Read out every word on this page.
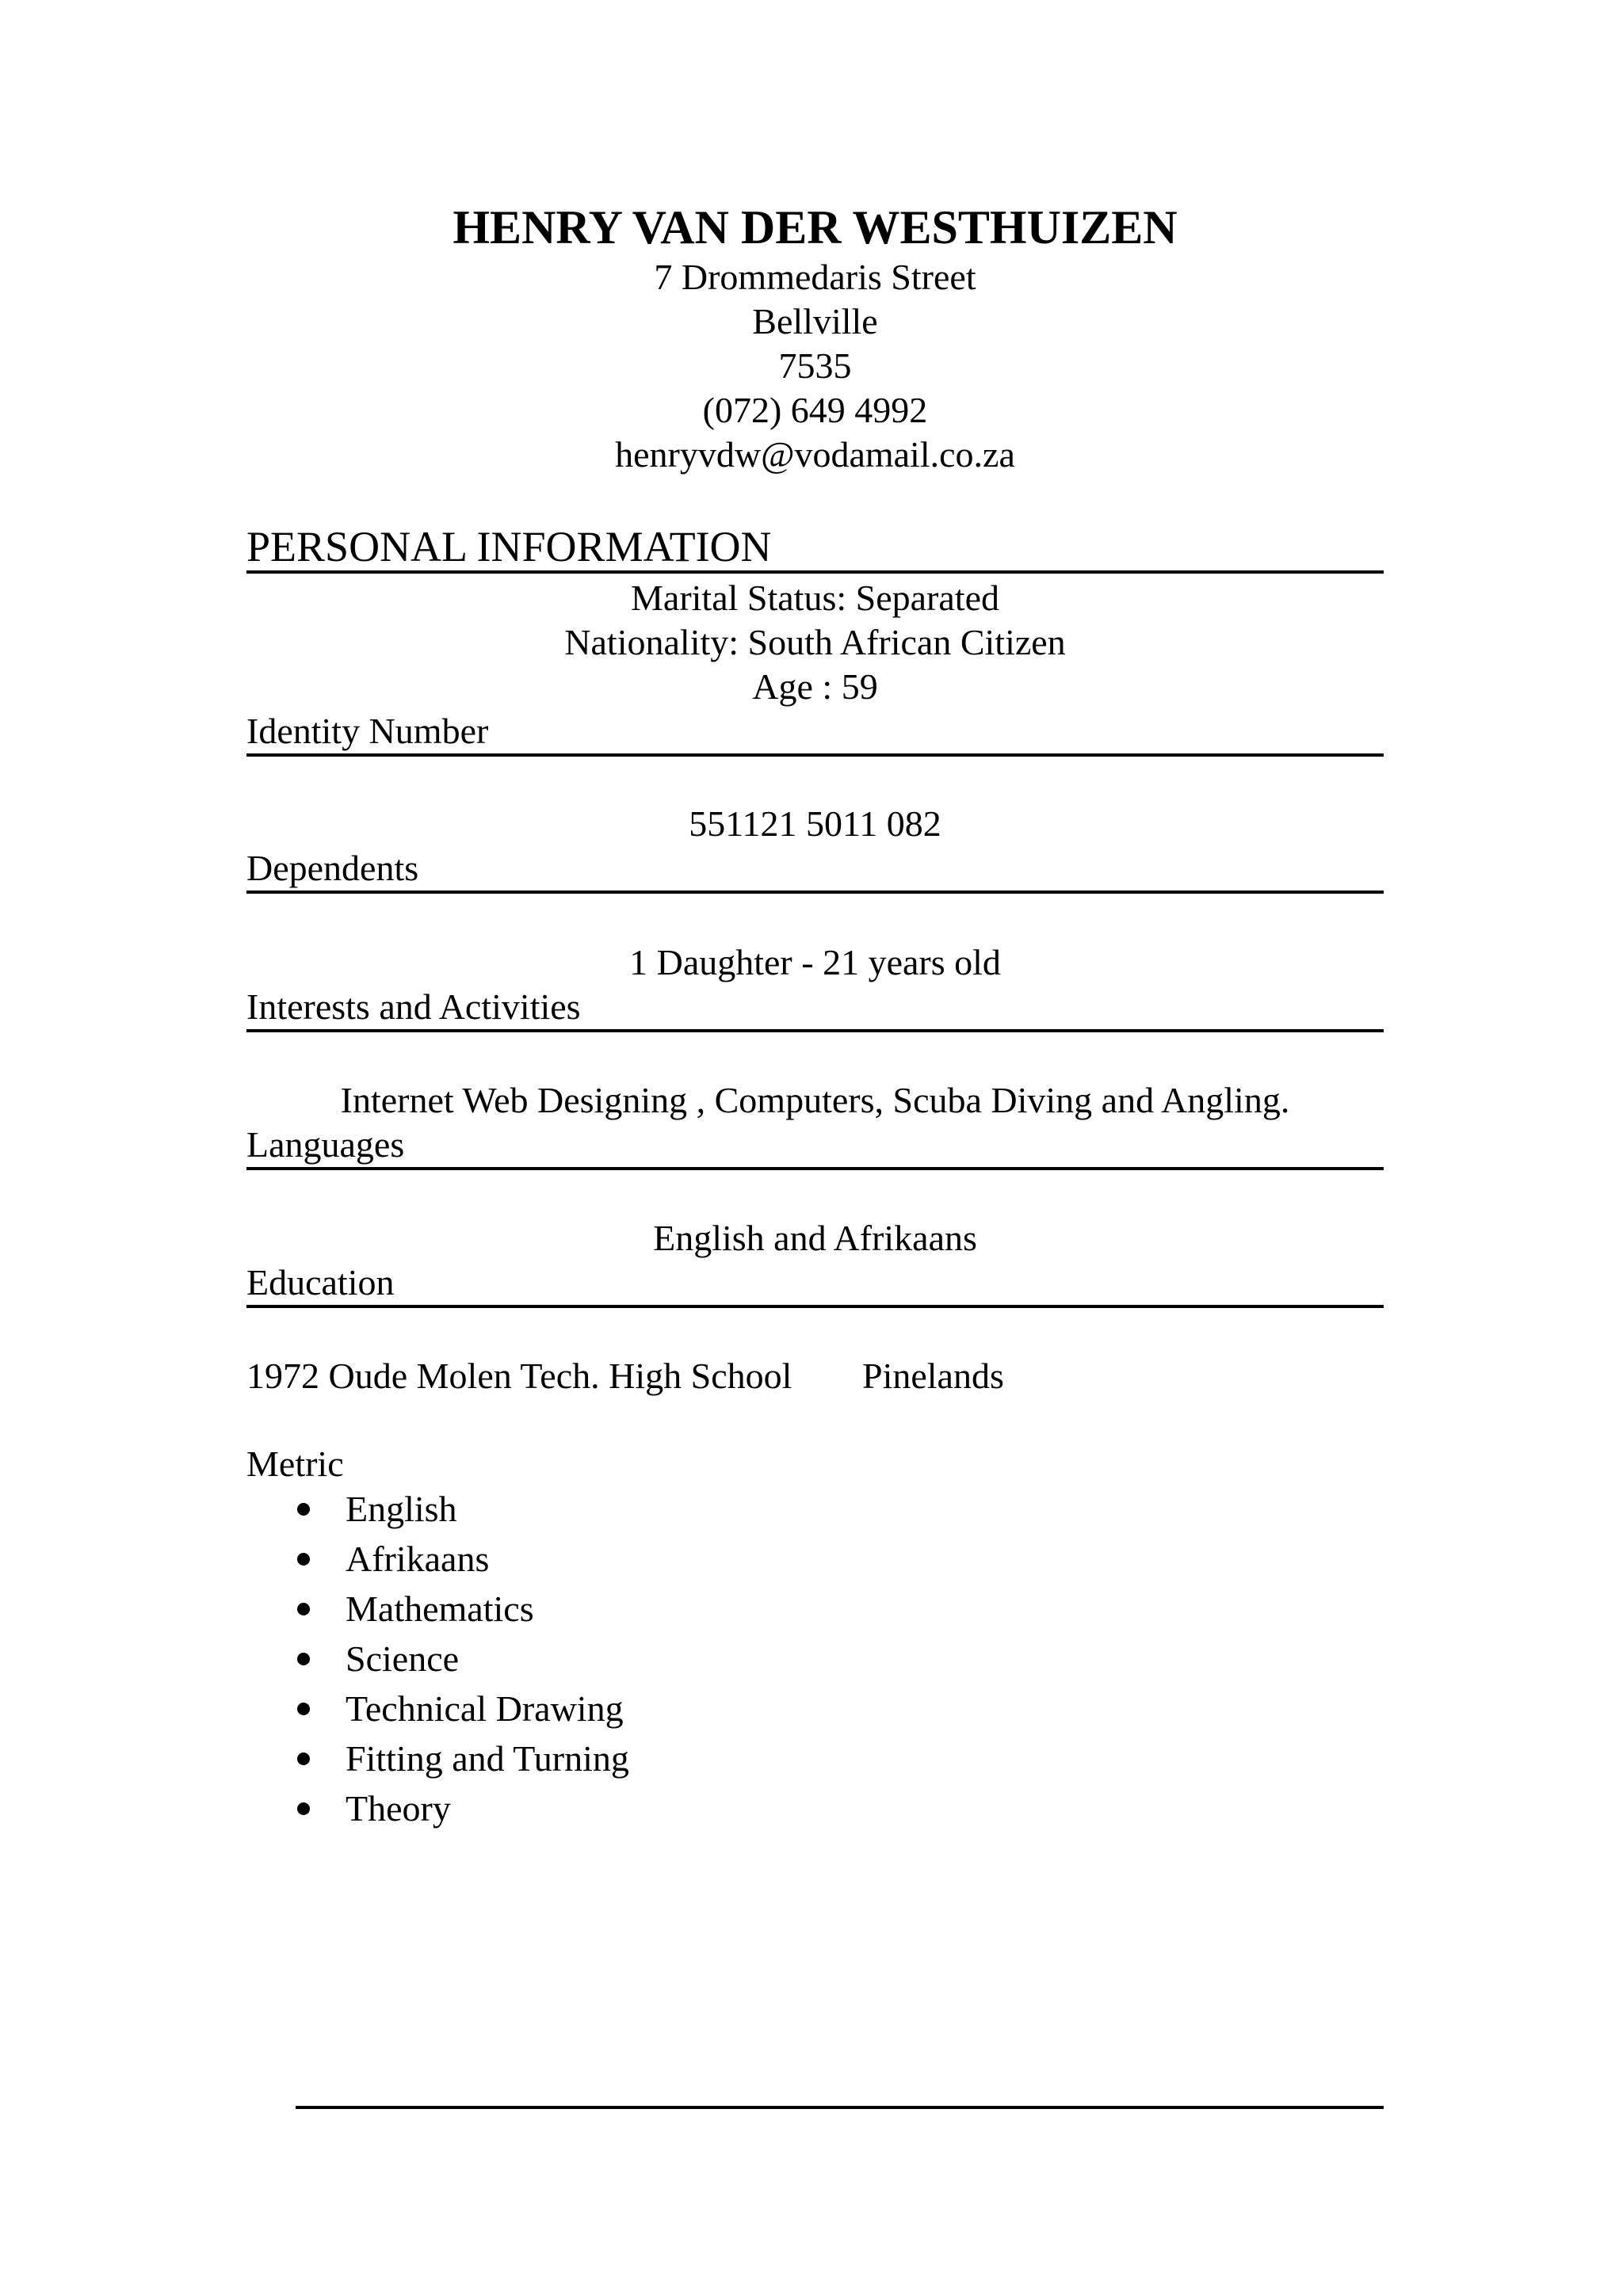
HENRY VAN DER WESTHUIZEN
7 Drommedaris Street
Bellville
7535
(072) 649 4992
henryvdw@vodamail.co.za
PERSONAL INFORMATION
Marital Status: Separated
Nationality: South African Citizen
Age : 59
Identity Number
551121 5011 082
Dependents
1 Daughter - 21 years old
Interests and Activities
Internet Web Designing , Computers, Scuba Diving and Angling.
Languages
English and Afrikaans
Education
1972 Oude Molen Tech. High School Pinelands
Metric
English
Afrikaans
Mathematics
Science
Technical Drawing
Fitting and Turning
Theory
